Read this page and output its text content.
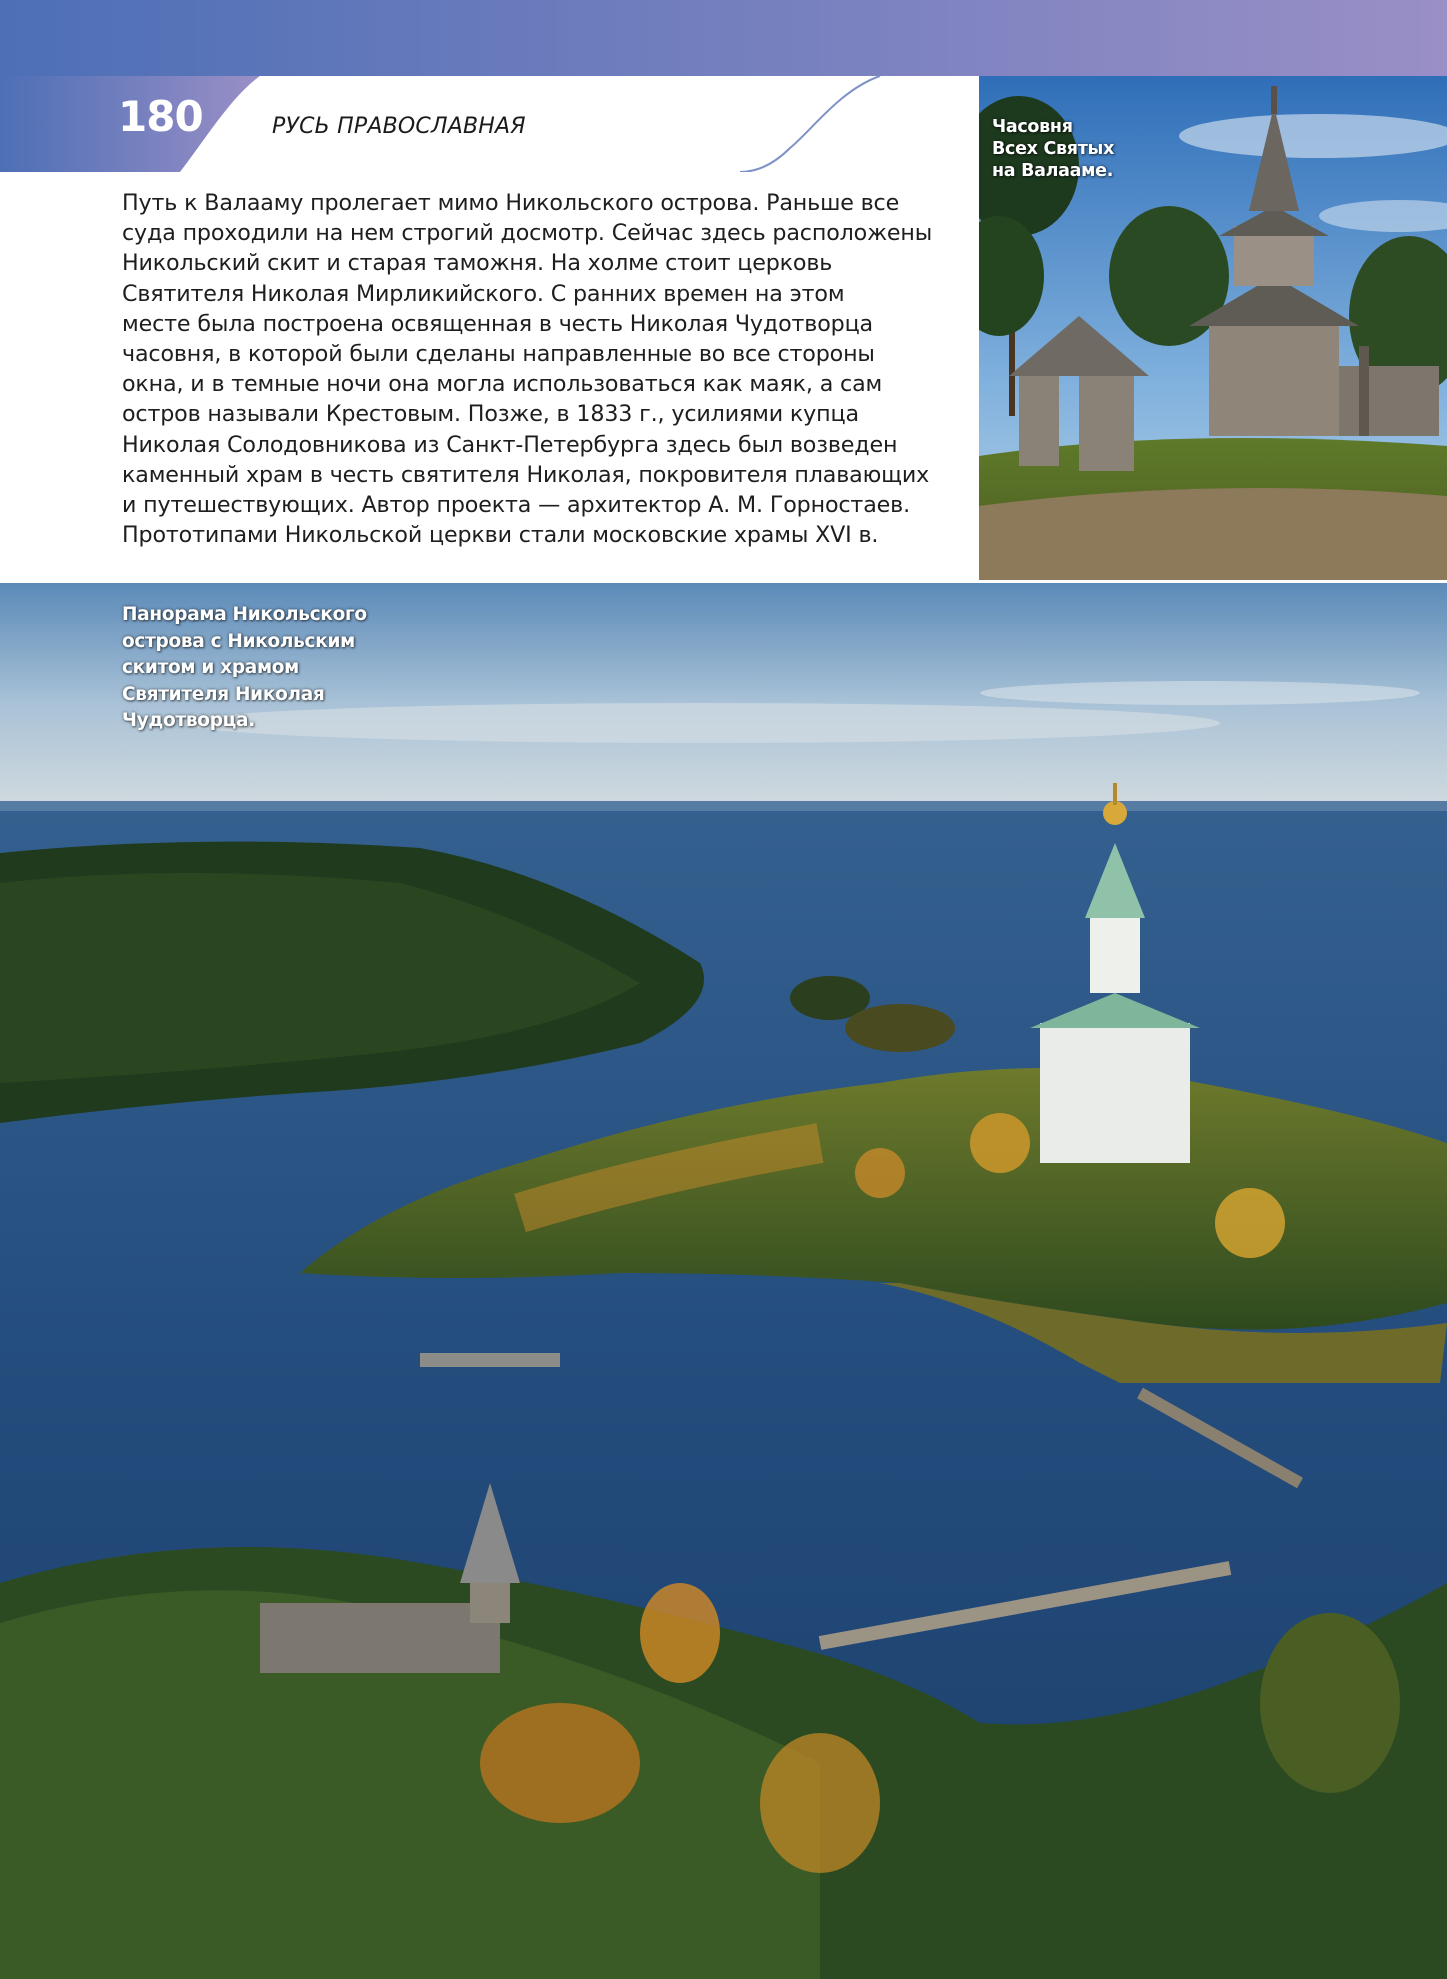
180	РУСЬ ПРАВОСЛАВНАЯ
Путь к Валааму пролегает мимо Никольского острова. Раньше все
суда проходили на нем строгий досмотр. Сейчас здесь расположены
Никольский скит и старая таможня. На холме стоит церковь
Святителя Николая Мирликийского. С ранних времен на этом
месте была построена освященная в честь Николая Чудотворца
часовня, в которой были сделаны направленные во все стороны
окна, и в темные ночи она могла использоваться как маяк, а сам
остров называли Крестовым. Позже, в 1833 г., усилиями купца
Николая Солодовникова из Санкт-Петербурга здесь был возведен
каменный храм в честь святителя Николая, покровителя плавающих
и путешествующих. Автор проекта — архитектор А. М. Горностаев.
Прототипами Никольской церкви стали московские храмы XVI в.
Часовня
Всех Святых
на Валааме.
Панорама Никольского
острова с Никольским
скитом и храмом
Святителя Николая
Чудотворца.
